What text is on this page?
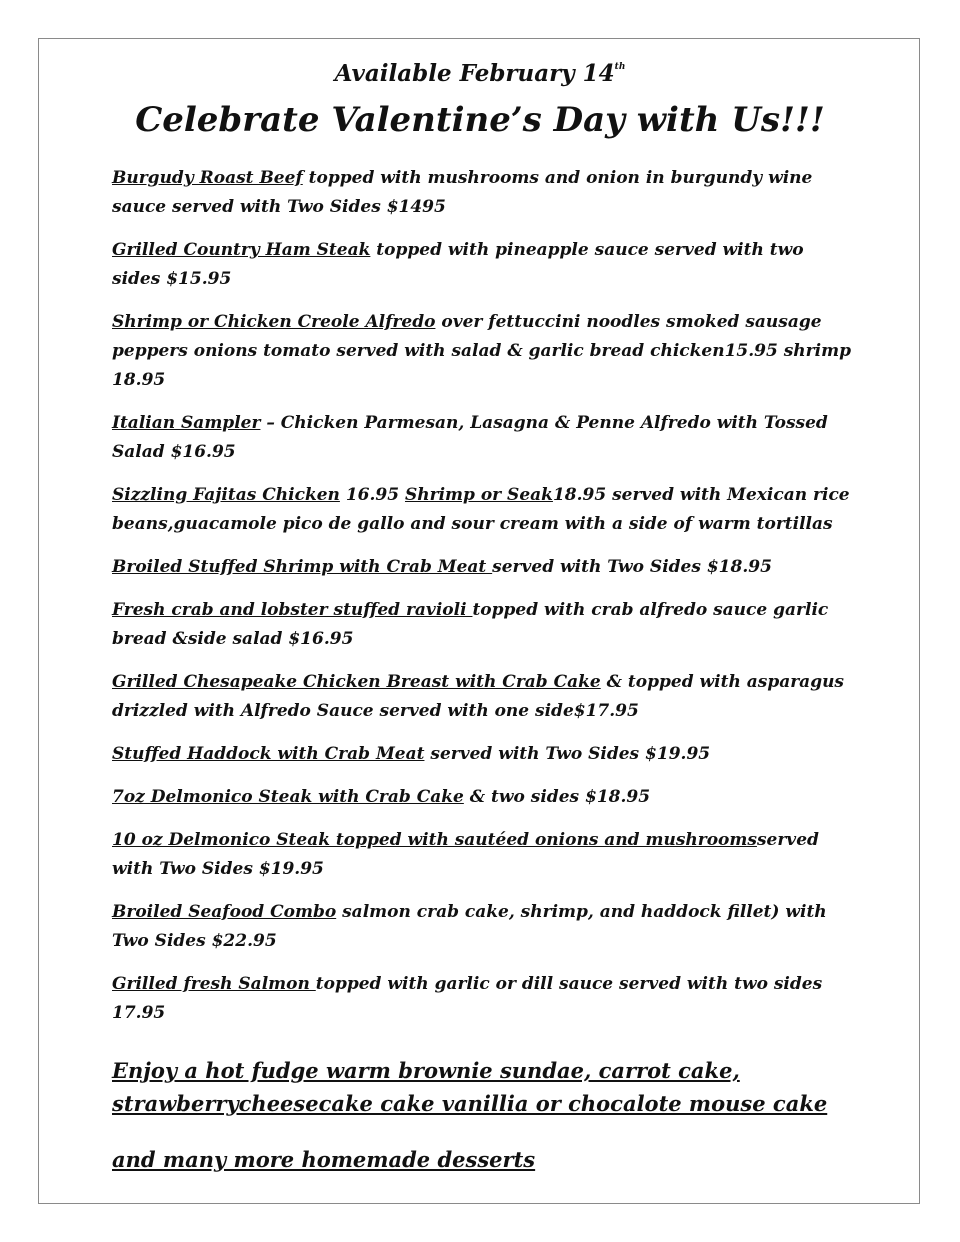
Available February 14th
Celebrate Valentine’s Day with Us!!!
Burgudy Roast Beef topped with mushrooms and onion in burgundy wine sauce served with Two Sides $1495
Grilled Country Ham Steak topped with pineapple sauce served with two sides $15.95
Shrimp or Chicken Creole Alfredo over fettuccini noodles smoked sausage peppers onions tomato served with salad & garlic bread chicken15.95 shrimp 18.95
Italian Sampler – Chicken Parmesan, Lasagna & Penne Alfredo with Tossed Salad $16.95
Sizzling Fajitas Chicken 16.95 Shrimp or Seak18.95 served with Mexican rice beans,guacamole pico de gallo and sour cream with a side of warm tortillas
Broiled Stuffed Shrimp with Crab Meat served with Two Sides $18.95
Fresh crab and lobster stuffed ravioli topped with crab alfredo sauce garlic bread &side salad $16.95
Grilled Chesapeake Chicken Breast with Crab Cake & topped with asparagus drizzled with Alfredo Sauce served with one side$17.95
Stuffed Haddock with Crab Meat served with Two Sides $19.95
7oz Delmonico Steak with Crab Cake & two sides $18.95
10 oz Delmonico Steak topped with sautéed onions and mushroomsserved with Two Sides $19.95
Broiled Seafood Combo salmon crab cake, shrimp, and haddock fillet) with Two Sides $22.95
Grilled fresh Salmon topped with garlic or dill sauce served with two sides 17.95
Enjoy a hot fudge warm brownie sundae, carrot cake, strawberrycheesecake cake vanillia or chocalote mouse cake
and many more homemade desserts
